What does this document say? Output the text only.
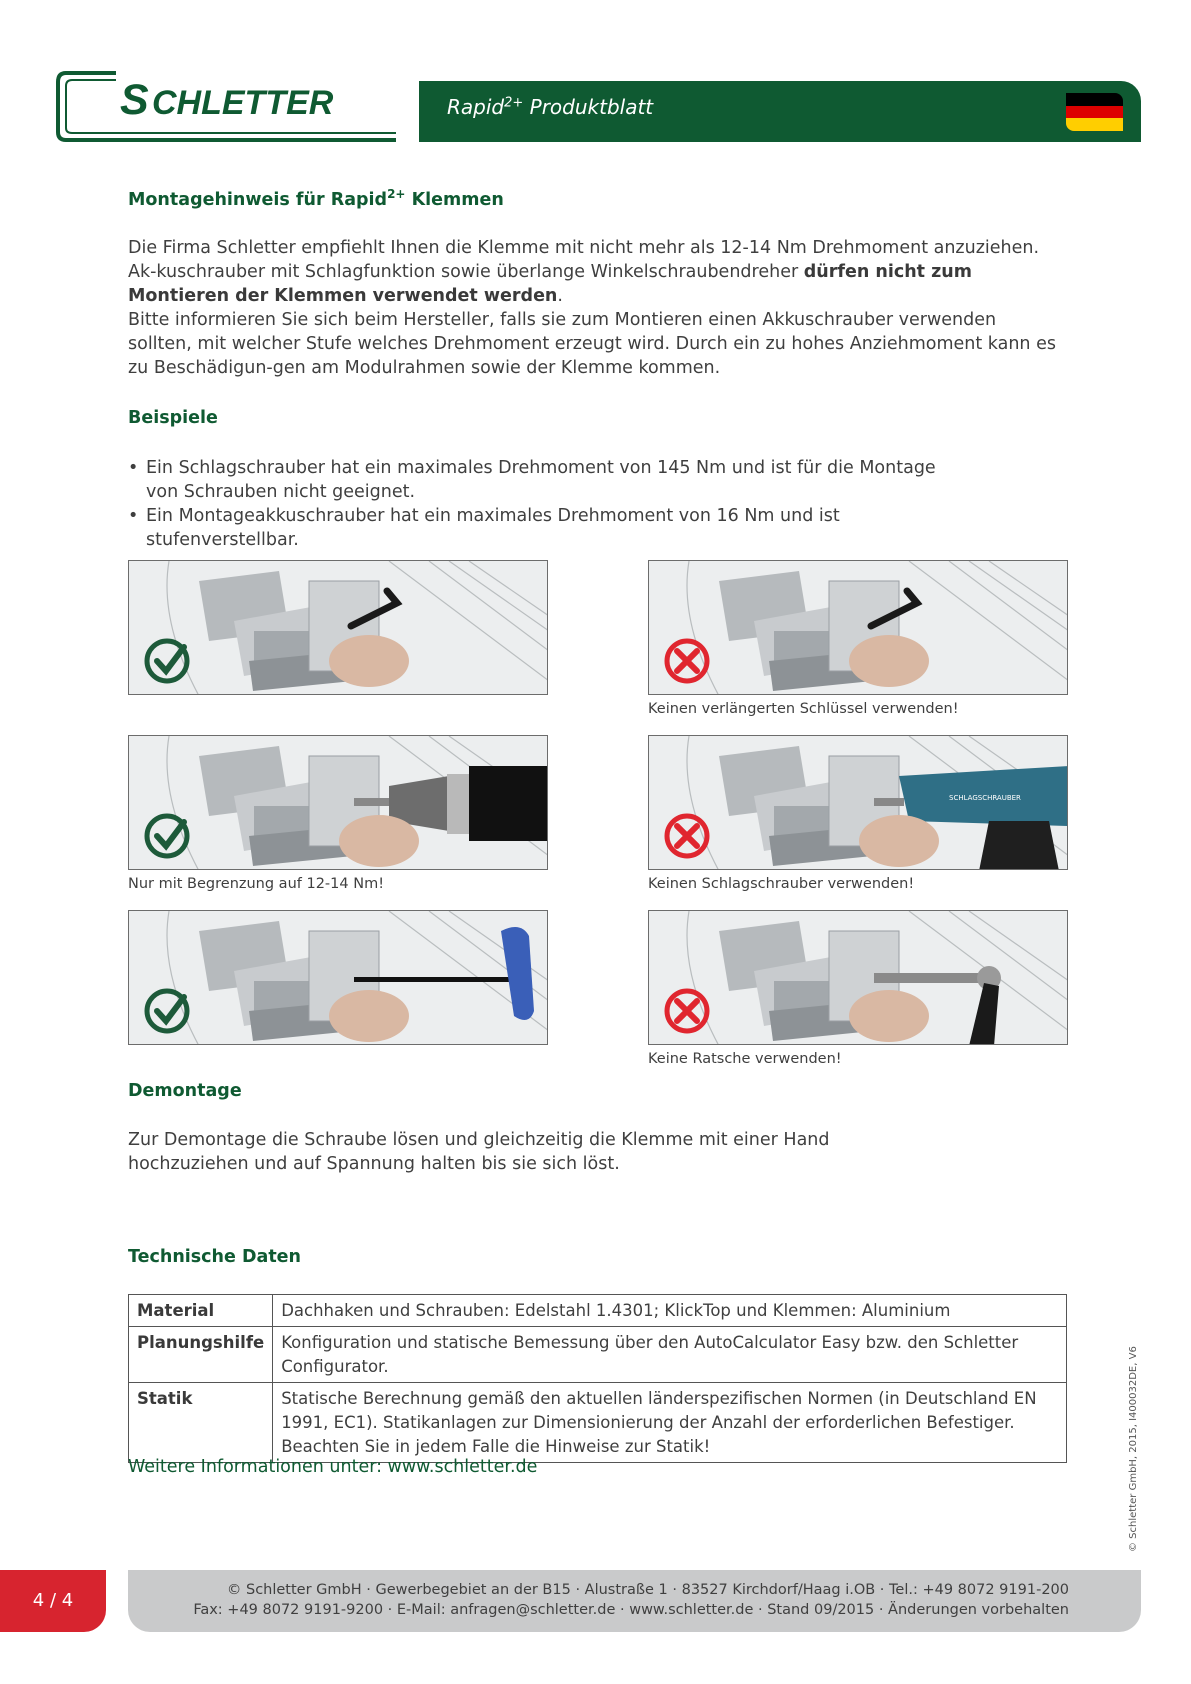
S CHLETTER	Rapid$^{2+}$ Produktblatt
Montagehinweis für Rapid$^{2+}$ Klemmen

Die Firma Schletter empfiehlt Ihnen die Klemme mit nicht mehr als 12-14 Nm Drehmoment anzuziehen. Ak-kuschrauber mit Schlagfunktion sowie überlange Winkelschraubendreher dürfen nicht zum Montieren der Klemmen verwendet werden.

Bitte informieren Sie sich beim Hersteller, falls sie zum Montieren einen Akkuschrauber verwenden sollten, mit welcher Stufe welches Drehmoment erzeugt wird. Durch ein zu hohes Anziehmoment kann es zu Beschädigun-gen am Modulrahmen sowie der Klemme kommen.

Beispiele
• Ein Schlagschrauber hat ein maximales Drehmoment von 145 Nm und ist für die Montage von Schrauben nicht geeignet.
• Ein Montageakkuschrauber hat ein maximales Drehmoment von 16 Nm und ist stufenverstellbar.
Keinen verlängerten Schlüssel verwenden!
Nur mit Begrenzung auf 12-14 Nm!
SCHLAGSCHRAUBER
Keinen Schlagschrauber verwenden!
Keine Ratsche verwenden!
Demontage
Zur Demontage die Schraube lösen und gleichzeitig die Klemme mit einer Hand hochzuziehen und auf Spannung halten bis sie sich löst.
Technische Daten
Material	Dachhaken und Schrauben: Edelstahl 1.4301; KlickTop und Klemmen: Aluminium
Planungshilfe	Konfiguration und statische Bemessung über den AutoCalculator Easy bzw. den Schletter Configurator.
Statik	Statische Berechnung gemäß den aktuellen länderspezifischen Normen (in Deutschland EN 1991, EC1). Statikanlagen zur Dimensionierung der Anzahl der erforderlichen Befestiger. Beachten Sie in jedem Falle die Hinweise zur Statik!
Weitere Informationen unter: www.schletter.de	© Schletter GmbH, 2015, I400032DE, V6
4 / 4	© Schletter GmbH · Gewerbegebiet an der B15 · Alustraße 1 · 83527 Kirchdorf/Haag i.OB · Tel.: +49 8072 9191-200
Fax: +49 8072 9191-9200 · E-Mail: anfragen@schletter.de · www.schletter.de · Stand 09/2015 · Änderungen vorbehalten
